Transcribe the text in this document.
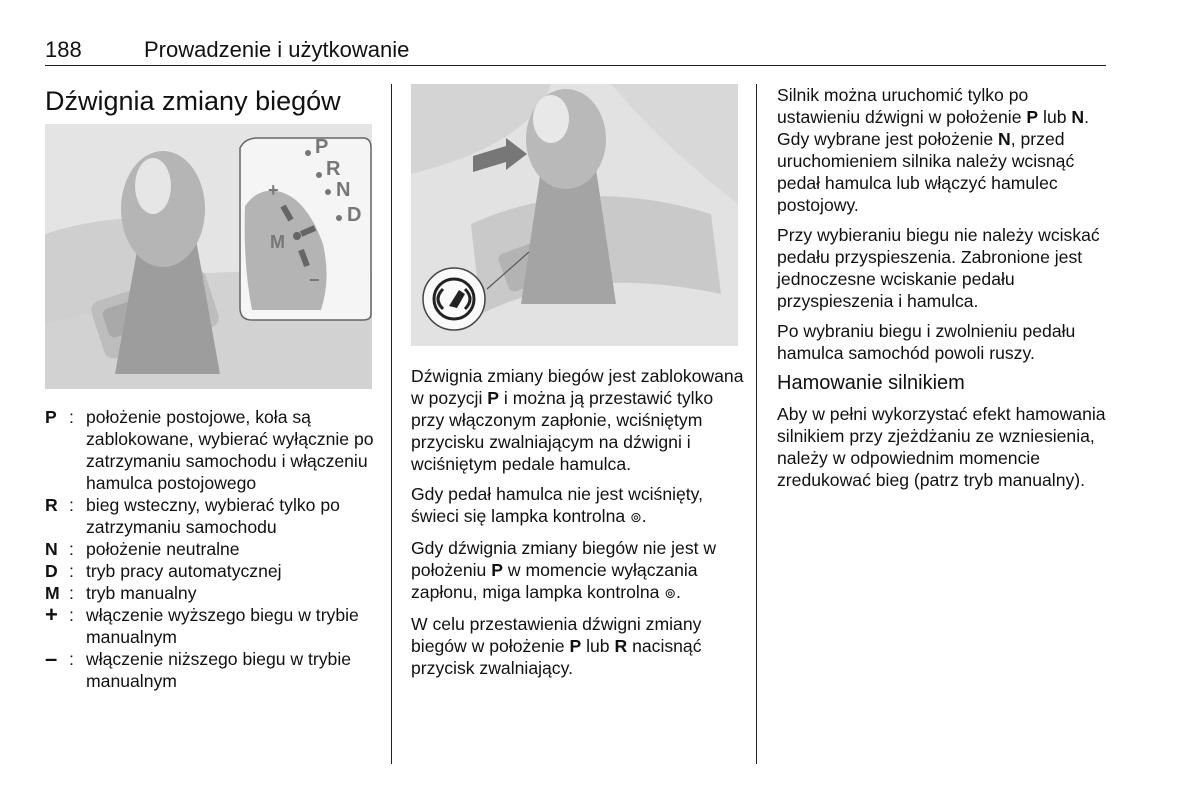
188	Prowadzenie i użytkowanie
Dźwignia zmiany biegów
P
R
N
D
M
+
−
P : położenie postojowe, koła są zablokowane, wybierać wyłącznie po zatrzymaniu samochodu i włączeniu hamulca postojowego
R : bieg wsteczny, wybierać tylko po zatrzymaniu samochodu
N : położenie neutralne
D : tryb pracy automatycznej
M : tryb manualny
+ : włączenie wyższego biegu w trybie manualnym
– : włączenie niższego biegu w trybie manualnym

Dźwignia zmiany biegów jest zablokowana w pozycji P i można ją przestawić tylko przy włączonym zapłonie, wciśniętym przycisku zwalniającym na dźwigni i wciśniętym pedale hamulca.

Gdy pedał hamulca nie jest wciśnięty, świeci się lampka kontrolna ⊚.

Gdy dźwignia zmiany biegów nie jest w położeniu P w momencie wyłączania zapłonu, miga lampka kontrolna ⊚.

W celu przestawienia dźwigni zmiany biegów w położenie P lub R nacisnąć przycisk zwalniający.

Silnik można uruchomić tylko po ustawieniu dźwigni w położenie P lub N. Gdy wybrane jest położenie N, przed uruchomieniem silnika należy wcisnąć pedał hamulca lub włączyć hamulec postojowy.

Przy wybieraniu biegu nie należy wciskać pedału przyspieszenia. Zabronione jest jednoczesne wciskanie pedału przyspieszenia i hamulca.

Po wybraniu biegu i zwolnieniu pedału hamulca samochód powoli ruszy.

Hamowanie silnikiem

Aby w pełni wykorzystać efekt hamowania silnikiem przy zjeżdżaniu ze wzniesienia, należy w odpowiednim momencie zredukować bieg (patrz tryb manualny).
